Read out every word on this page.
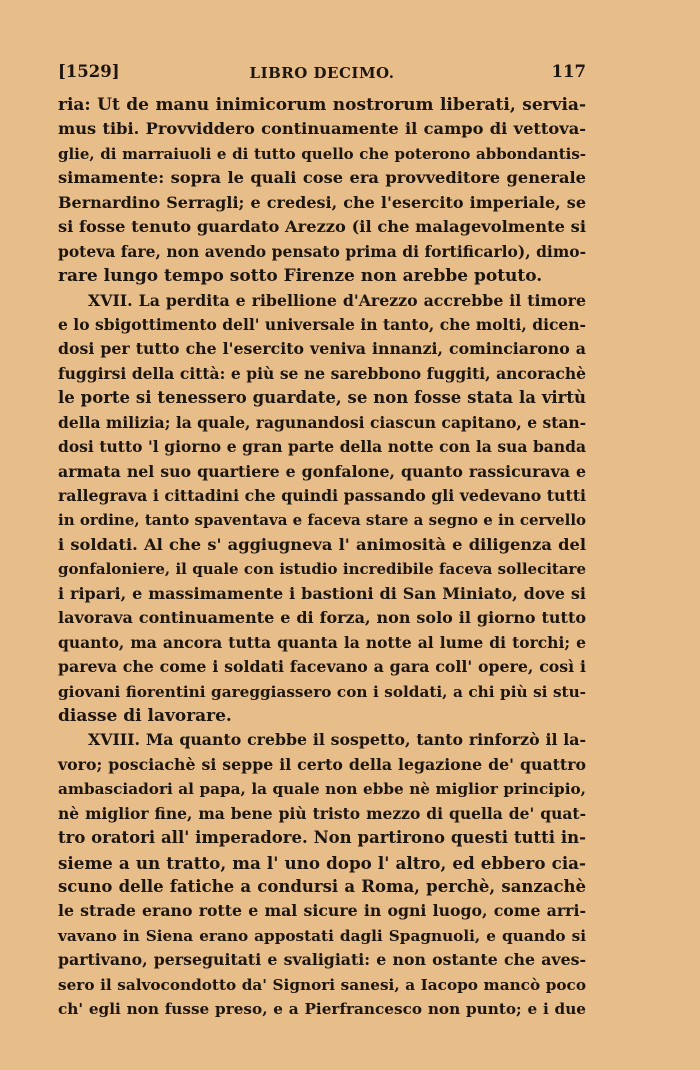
[1529]	LIBRO DECIMO.	117
ria: Ut de manu inimicorum nostrorum liberati, servia-
mus tibi. Provviddero continuamente il campo di vettova-
glie, di marraiuoli e di tutto quello che poterono abbondantis-
simamente: sopra le quali cose era provveditore generale
Bernardino Serragli; e credesi, che l'esercito imperiale, se
si fosse tenuto guardato Arezzo (il che malagevolmente si
poteva fare, non avendo pensato prima di fortificarlo), dimo-
rare lungo tempo sotto Firenze non arebbe potuto.
XVII. La perdita e ribellione d'Arezzo accrebbe il timore
e lo sbigottimento dell' universale in tanto, che molti, dicen-
dosi per tutto che l'esercito veniva innanzi, cominciarono a
fuggirsi della città: e più se ne sarebbono fuggiti, ancorachè
le porte si tenessero guardate, se non fosse stata la virtù
della milizia; la quale, ragunandosi ciascun capitano, e stan-
dosi tutto 'l giorno e gran parte della notte con la sua banda
armata nel suo quartiere e gonfalone, quanto rassicurava e
rallegrava i cittadini che quindi passando gli vedevano tutti
in ordine, tanto spaventava e faceva stare a segno e in cervello
i soldati. Al che s' aggiugneva l' animosità e diligenza del
gonfaloniere, il quale con istudio incredibile faceva sollecitare
i ripari, e massimamente i bastioni di San Miniato, dove si
lavorava continuamente e di forza, non solo il giorno tutto
quanto, ma ancora tutta quanta la notte al lume di torchi; e
pareva che come i soldati facevano a gara coll' opere, così i
giovani fiorentini gareggiassero con i soldati, a chi più si stu-
diasse di lavorare.
XVIII. Ma quanto crebbe il sospetto, tanto rinforzò il la-
voro; posciachè si seppe il certo della legazione de' quattro
ambasciadori al papa, la quale non ebbe nè miglior principio,
nè miglior fine, ma bene più tristo mezzo di quella de' quat-
tro oratori all' imperadore. Non partirono questi tutti in-
sieme a un tratto, ma l' uno dopo l' altro, ed ebbero cia-
scuno delle fatiche a condursi a Roma, perchè, sanzachè
le strade erano rotte e mal sicure in ogni luogo, come arri-
vavano in Siena erano appostati dagli Spagnuoli, e quando si
partivano, perseguitati e svaligiati: e non ostante che aves-
sero il salvocondotto da' Signori sanesi, a Iacopo mancò poco
ch' egli non fusse preso, e a Pierfrancesco non punto; e i due
